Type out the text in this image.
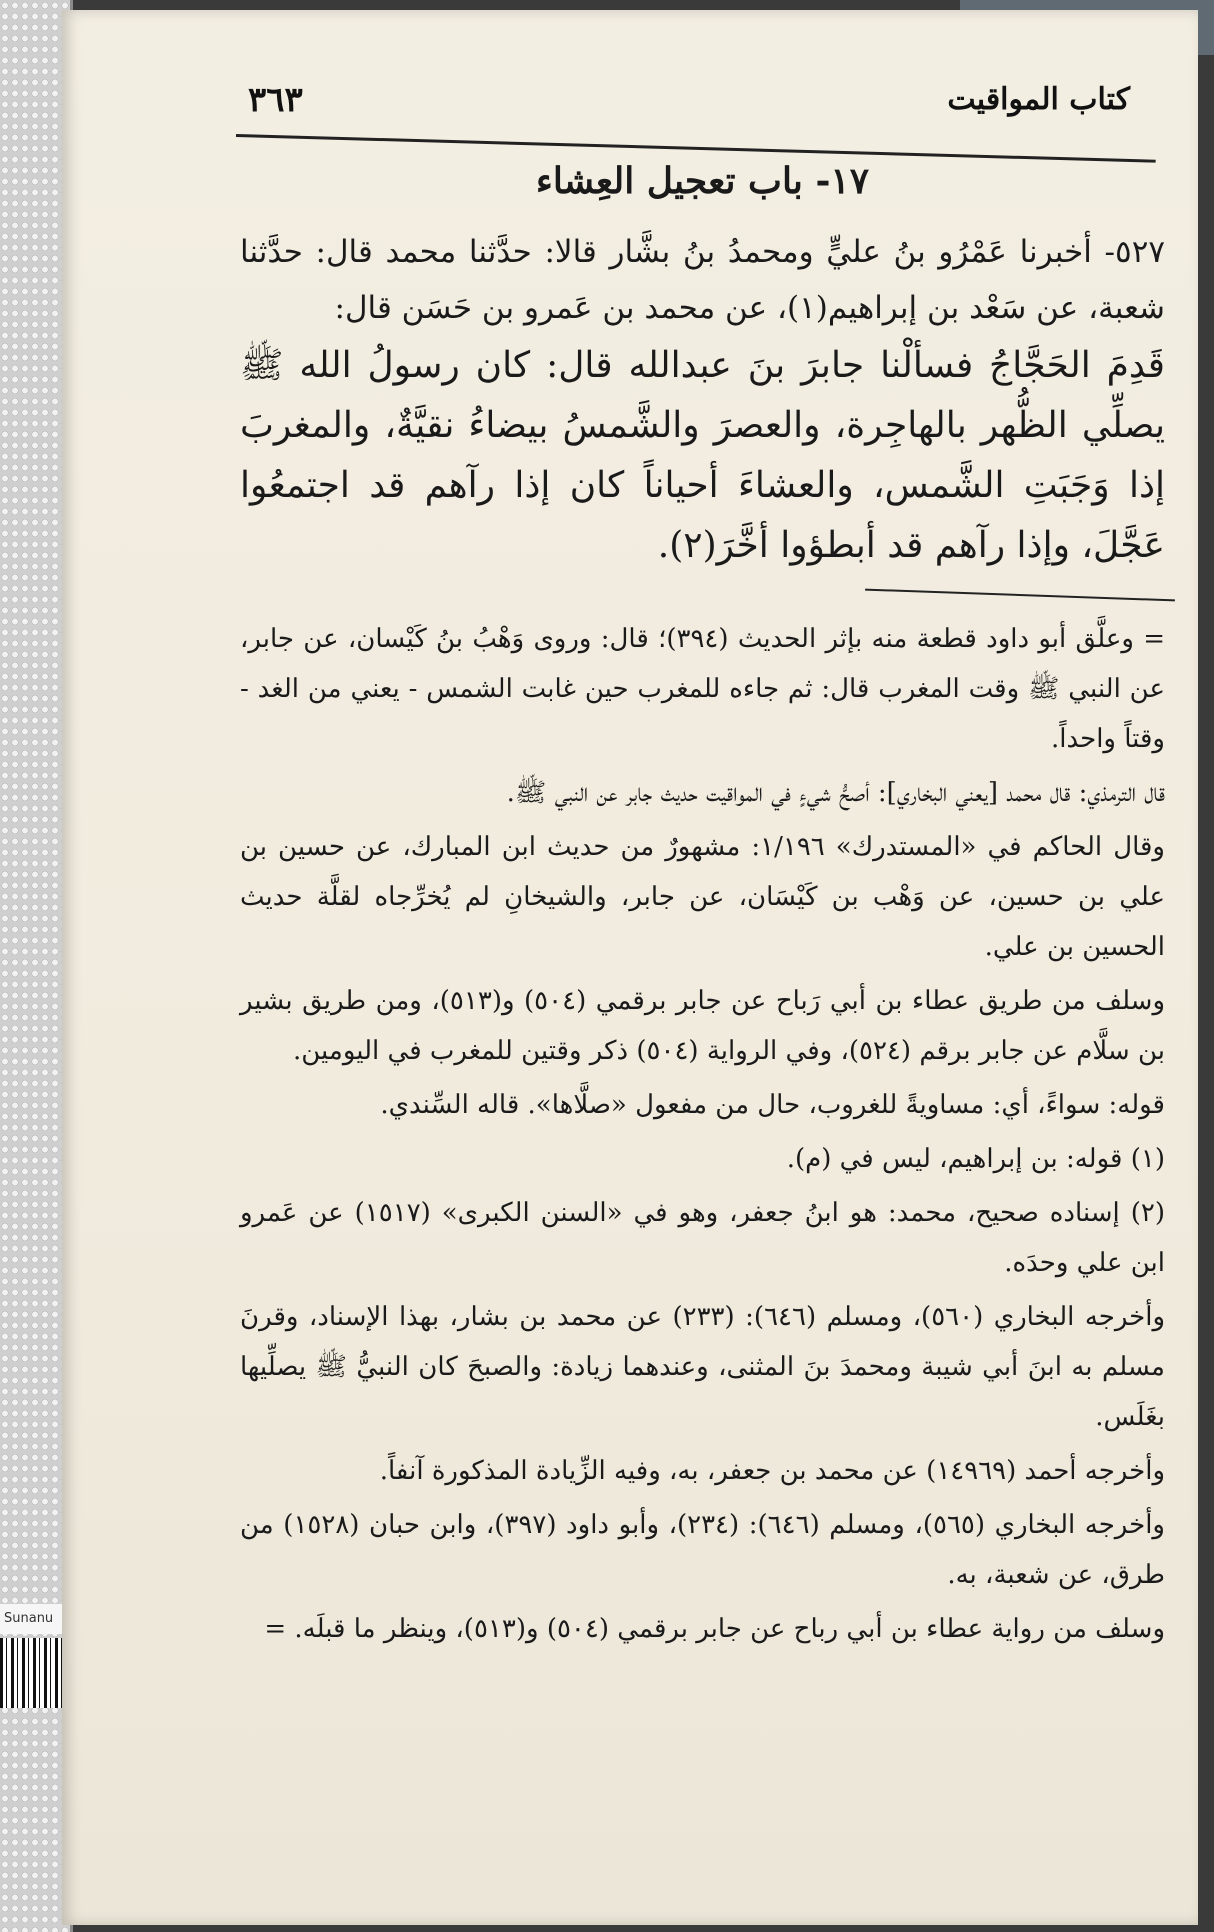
Sunanu
٣٦٣	كتاب المواقيت
١٧- باب تعجيل العِشاء

٥٢٧- أخبرنا عَمْرُو بنُ عليٍّ ومحمدُ بنُ بشَّار قالا: حدَّثنا محمد قال: حدَّثنا شعبة، عن سَعْد بن إبراهيم(١)، عن محمد بن عَمرو بن حَسَن قال:

قَدِمَ الحَجَّاجُ فسألْنا جابرَ بنَ عبدالله قال: كان رسولُ الله ﷺ يصلِّي الظُّهر بالهاجِرة، والعصرَ والشَّمسُ بيضاءُ نقيَّةٌ، والمغربَ إذا وَجَبَتِ الشَّمس، والعشاءَ أحياناً كان إذا رآهم قد اجتمعُوا عَجَّلَ، وإذا رآهم قد أبطؤوا أخَّرَ(٢).

= وعلَّق أبو داود قطعة منه بإثر الحديث (٣٩٤)؛ قال: وروى وَهْبُ بنُ كَيْسان، عن جابر، عن النبي ﷺ وقت المغرب قال: ثم جاءه للمغرب حين غابت الشمس - يعني من الغد - وقتاً واحداً.

قال الترمذي: قال محمد [يعني البخاري]: أصحُّ شيءٍ في المواقيت حديث جابر عن النبي ﷺ.

وقال الحاكم في «المستدرك» ١/١٩٦: مشهورٌ من حديث ابن المبارك، عن حسين بن علي بن حسين، عن وَهْب بن كَيْسَان، عن جابر، والشيخانِ لم يُخرِّجاه لقلَّة حديث الحسين بن علي.

وسلف من طريق عطاء بن أبي رَباح عن جابر برقمي (٥٠٤) و(٥١٣)، ومن طريق بشير بن سلَّام عن جابر برقم (٥٢٤)، وفي الرواية (٥٠٤) ذكر وقتين للمغرب في اليومين.

قوله: سواءً، أي: مساويةً للغروب، حال من مفعول «صلَّاها». قاله السِّندي.

(١) قوله: بن إبراهيم، ليس في (م).

(٢) إسناده صحيح، محمد: هو ابنُ جعفر، وهو في «السنن الكبرى» (١٥١٧) عن عَمرو ابن علي وحدَه.

وأخرجه البخاري (٥٦٠)، ومسلم (٦٤٦): (٢٣٣) عن محمد بن بشار، بهذا الإسناد، وقرنَ مسلم به ابنَ أبي شيبة ومحمدَ بنَ المثنى، وعندهما زيادة: والصبحَ كان النبيُّ ﷺ يصلِّيها بغَلَس.

وأخرجه أحمد (١٤٩٦٩) عن محمد بن جعفر، به، وفيه الزِّيادة المذكورة آنفاً.

وأخرجه البخاري (٥٦٥)، ومسلم (٦٤٦): (٢٣٤)، وأبو داود (٣٩٧)، وابن حبان (١٥٢٨) من طرق، عن شعبة، به.

وسلف من رواية عطاء بن أبي رباح عن جابر برقمي (٥٠٤) و(٥١٣)، وينظر ما قبلَه. =
